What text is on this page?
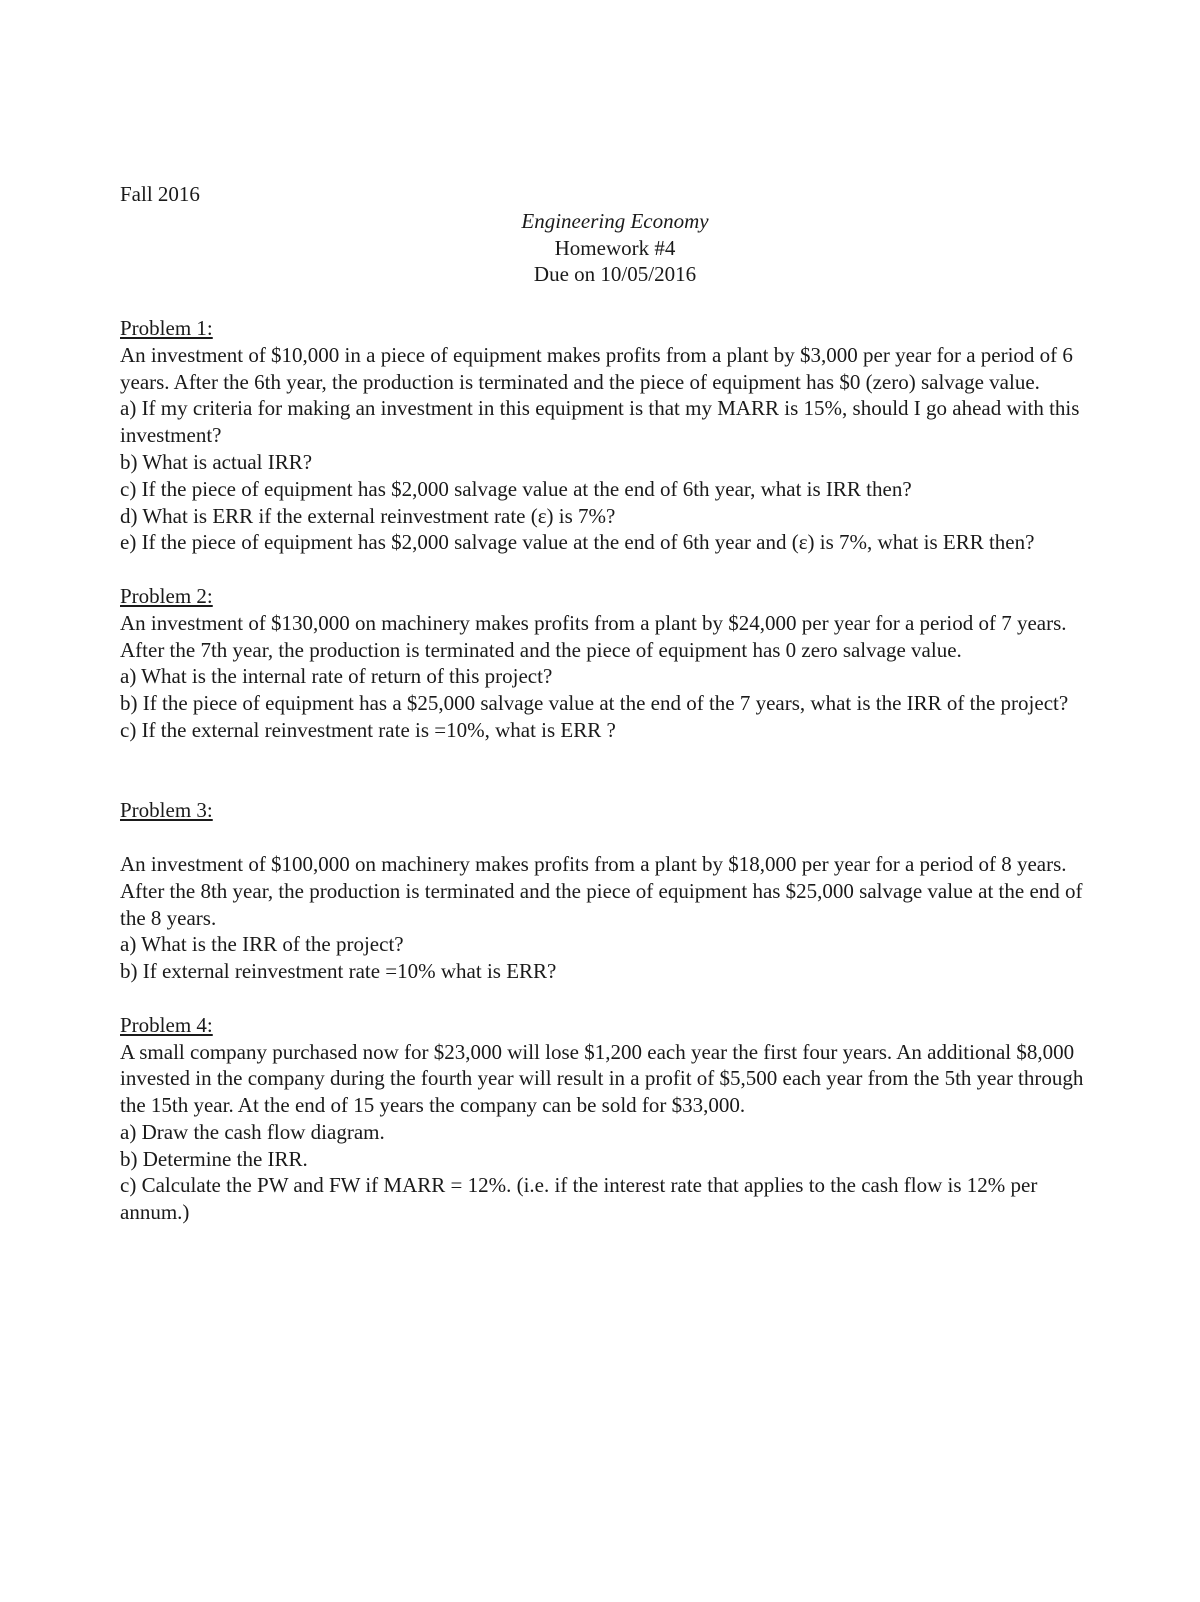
Fall 2016
Engineering Economy
Homework #4
Due on 10/05/2016
Problem 1:
An investment of $10,000 in a piece of equipment makes profits from a plant by $3,000 per year for a period of 6 years. After the 6th year, the production is terminated and the piece of equipment has $0 (zero) salvage value.
a) If my criteria for making an investment in this equipment is that my MARR is 15%, should I go ahead with this investment?
b) What is actual IRR?
c) If the piece of equipment has $2,000 salvage value at the end of 6th year, what is IRR then?
d) What is ERR if the external reinvestment rate (ε) is 7%?
e) If the piece of equipment has $2,000 salvage value at the end of 6th year and (ε) is 7%, what is ERR then?
Problem 2:
An investment of $130,000 on machinery makes profits from a plant by $24,000 per year for a period of 7 years. After the 7th year, the production is terminated and the piece of equipment has 0 zero salvage value.
a) What is the internal rate of return of this project?
b) If the piece of equipment has a $25,000 salvage value at the end of the 7 years, what is the IRR of the project?
c) If the external reinvestment rate is =10%, what is ERR ?
Problem 3:
An investment of $100,000 on machinery makes profits from a plant by $18,000 per year for a period of 8 years. After the 8th year, the production is terminated and the piece of equipment has $25,000 salvage value at the end of the 8 years.
a) What is the IRR of the project?
b) If external reinvestment rate =10% what is ERR?
Problem 4:
A small company purchased now for $23,000 will lose $1,200 each year the first four years. An additional $8,000 invested in the company during the fourth year will result in a profit of $5,500 each year from the 5th year through the 15th year. At the end of 15 years the company can be sold for $33,000.
a) Draw the cash flow diagram.
b) Determine the IRR.
c) Calculate the PW and FW if MARR = 12%. (i.e. if the interest rate that applies to the cash flow is 12% per annum.)
